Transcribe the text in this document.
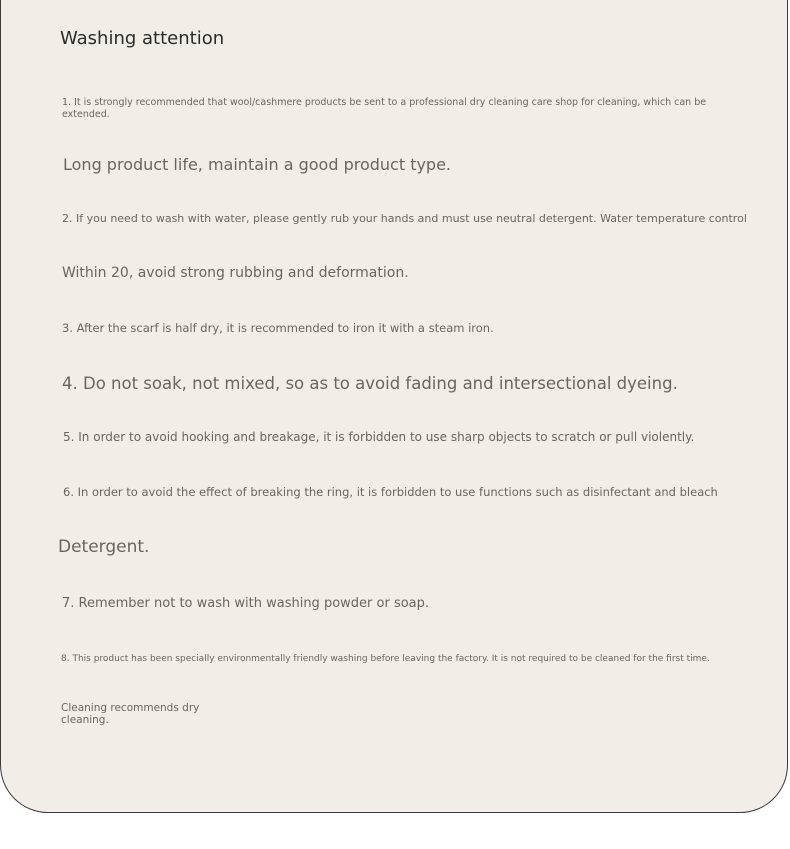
Washing attention

1. It is strongly recommended that wool/cashmere products be sent to a professional dry cleaning care shop for cleaning, which can be extended.

Long product life, maintain a good product type.

2. If you need to wash with water, please gently rub your hands and must use neutral detergent. Water temperature control

Within 20, avoid strong rubbing and deformation.

3. After the scarf is half dry, it is recommended to iron it with a steam iron.

4. Do not soak, not mixed, so as to avoid fading and intersectional dyeing.

5. In order to avoid hooking and breakage, it is forbidden to use sharp objects to scratch or pull violently.

6. In order to avoid the effect of breaking the ring, it is forbidden to use functions such as disinfectant and bleach

Detergent.

7. Remember not to wash with washing powder or soap.

8. This product has been specially environmentally friendly washing before leaving the factory. It is not required to be cleaned for the first time.

Cleaning recommends dry cleaning.
